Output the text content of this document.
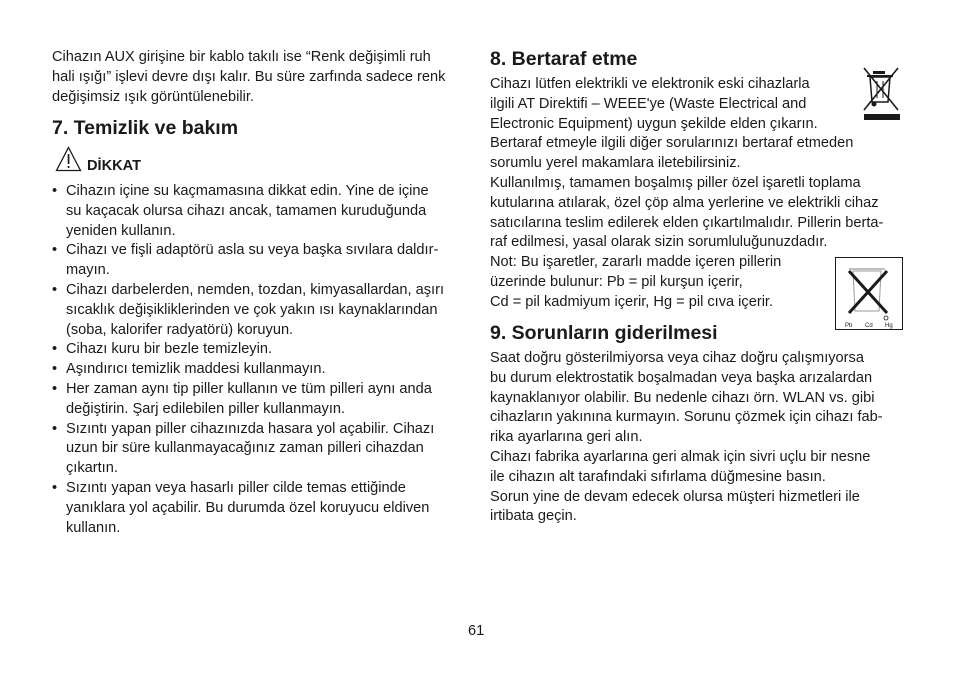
Cihazın AUX girişine bir kablo takılı ise “Renk değişimli ruh
hali ışığı” işlevi devre dışı kalır. Bu süre zarfında sadece renk
değişimsiz ışık görüntülenebilir.
7. Temizlik ve bakım
DİKKAT
• Cihazın içine su kaçmamasına dikkat edin. Yine de içine
su kaçacak olursa cihazı ancak, tamamen kuruduğunda
yeniden kullanın.
• Cihazı ve fişli adaptörü asla su veya başka sıvılara daldır-
mayın.
• Cihazı darbelerden, nemden, tozdan, kimyasallardan, aşırı
sıcaklık değişikliklerinden ve çok yakın ısı kaynaklarından
(soba, kalorifer radyatörü) koruyun.
• Cihazı kuru bir bezle temizleyin.
• Aşındırıcı temizlik maddesi kullanmayın.
• Her zaman aynı tip piller kullanın ve tüm pilleri aynı anda
değiştirin. Şarj edilebilen piller kullanmayın.
• Sızıntı yapan piller cihazınızda hasara yol açabilir. Cihazı
uzun bir süre kullanmayacağınız zaman pilleri cihazdan
çıkartın.
• Sızıntı yapan veya hasarlı piller cilde temas ettiğinde
yanıklara yol açabilir. Bu durumda özel koruyucu eldiven
kullanın.
8. Bertaraf etme
Cihazı lütfen elektrikli ve elektronik eski cihazlarla
ilgili AT Direktifi – WEEE'ye (Waste Electrical and
Electronic Equipment) uygun şekilde elden çıkarın.
Bertaraf etmeyle ilgili diğer sorularınızı bertaraf etmeden
sorumlu yerel makamlara iletebilirsiniz.
Kullanılmış, tamamen boşalmış piller özel işaretli toplama
kutularına atılarak, özel çöp alma yerlerine ve elektrikli cihaz
satıcılarına teslim edilerek elden çıkartılmalıdır. Pillerin berta-
raf edilmesi, yasal olarak sizin sorumluluğunuzdadır.
Not: Bu işaretler, zararlı madde içeren pillerin
üzerinde bulunur: Pb = pil kurşun içerir,
Cd = pil kadmiyum içerir, Hg = pil cıva içerir.
Pb Cd Hg
9. Sorunların giderilmesi
Saat doğru gösterilmiyorsa veya cihaz doğru çalışmıyorsa
bu durum elektrostatik boşalmadan veya başka arızalardan
kaynaklanıyor olabilir. Bu nedenle cihazı örn. WLAN vs. gibi
cihazların yakınına kurmayın. Sorunu çözmek için cihazı fab-
rika ayarlarına geri alın.
Cihazı fabrika ayarlarına geri almak için sivri uçlu bir nesne
ile cihazın alt tarafındaki sıfırlama düğmesine basın.
Sorun yine de devam edecek olursa müşteri hizmetleri ile
irtibata geçin.
61
